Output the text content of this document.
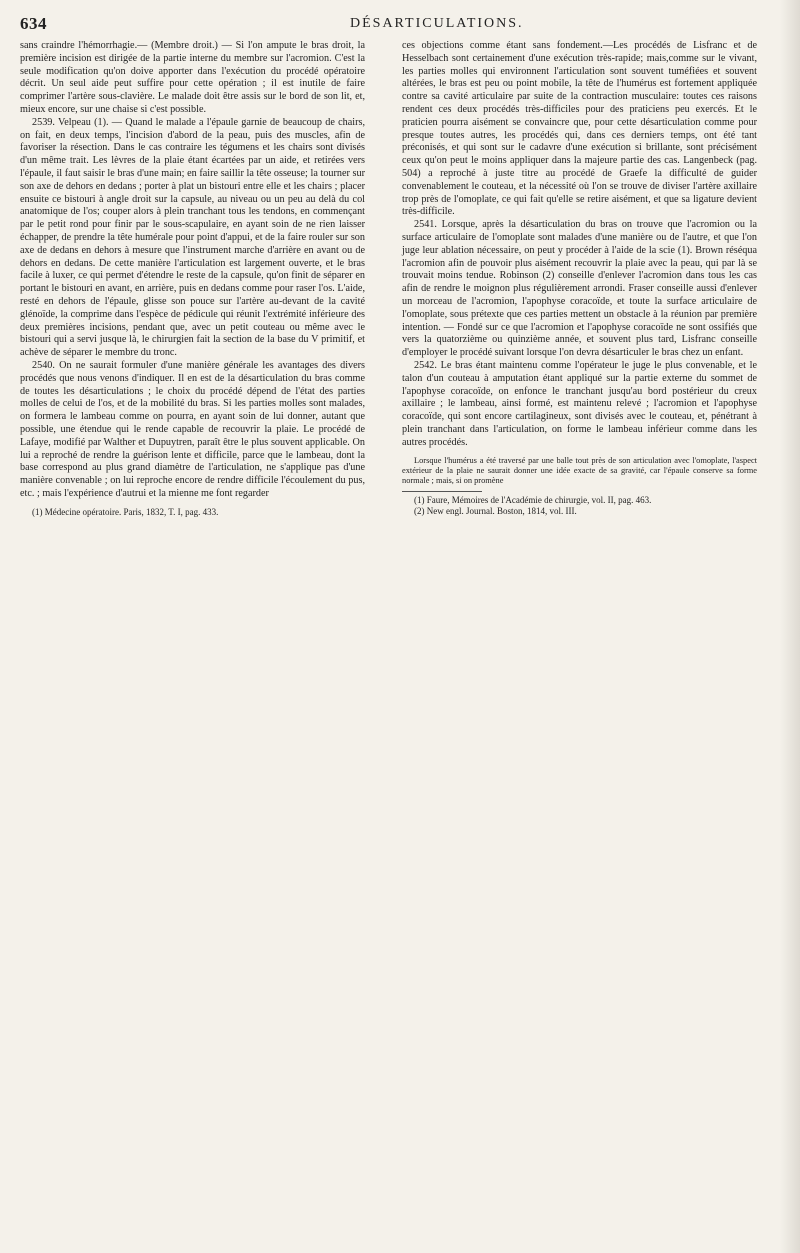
634	DÉSARTICULATIONS.

sans craindre l'hémorrhagie.— (Membre droit.) — Si l'on ampute le bras droit, la première incision est dirigée de la partie interne du membre sur l'acromion. C'est la seule modification qu'on doive apporter dans l'exécution du procédé opératoire décrit. Un seul aide peut suffire pour cette opération ; il est inutile de faire comprimer l'artère sous-clavière. Le malade doit être assis sur le bord de son lit, et, mieux encore, sur une chaise si c'est possible.

2539. Velpeau (1). — Quand le malade a l'épaule garnie de beaucoup de chairs, on fait, en deux temps, l'incision d'abord de la peau, puis des muscles, afin de favoriser la résection. Dans le cas contraire les tégumens et les chairs sont divisés d'un même trait. Les lèvres de la plaie étant écartées par un aide, et retirées vers l'épaule, il faut saisir le bras d'une main; en faire saillir la tête osseuse; la tourner sur son axe de dehors en dedans ; porter à plat un bistouri entre elle et les chairs ; placer ensuite ce bistouri à angle droit sur la capsule, au niveau ou un peu au delà du col anatomique de l'os; couper alors à plein tranchant tous les tendons, en commençant par le petit rond pour finir par le sous-scapulaire, en ayant soin de ne rien laisser échapper, de prendre la tête humérale pour point d'appui, et de la faire rouler sur son axe de dedans en dehors à mesure que l'instrument marche d'arrière en avant ou de dehors en dedans. De cette manière l'articulation est largement ouverte, et le bras facile à luxer, ce qui permet d'étendre le reste de la capsule, qu'on finit de séparer en portant le bistouri en avant, en arrière, puis en dedans comme pour raser l'os. L'aide, resté en dehors de l'épaule, glisse son pouce sur l'artère au-devant de la cavité glénoïde, la comprime dans l'espèce de pédicule qui réunit l'extrémité inférieure des deux premières incisions, pendant que, avec un petit couteau ou même avec le bistouri qui a servi jusque là, le chirurgien fait la section de la base du V primitif, et achève de séparer le membre du tronc.

2540. On ne saurait formuler d'une manière générale les avantages des divers procédés que nous venons d'indiquer. Il en est de la désarticulation du bras comme de toutes les désarticulations ; le choix du procédé dépend de l'état des parties molles de celui de l'os, et de la mobilité du bras. Si les parties molles sont malades, on formera le lambeau comme on pourra, en ayant soin de lui donner, autant que possible, une étendue qui le rende capable de recouvrir la plaie. Le procédé de Lafaye, modifié par Walther et Dupuytren, paraît être le plus souvent applicable. On lui a reproché de rendre la guérison lente et difficile, parce que le lambeau, dont la base correspond au plus grand diamètre de l'articulation, ne s'applique pas d'une manière convenable ; on lui reproche encore de rendre difficile l'écoulement du pus, etc. ; mais l'expérience d'autrui et la mienne me font regarder

(1) Médecine opératoire. Paris, 1832, T. I, pag. 433.

ces objections comme étant sans fondement.—Les procédés de Lisfranc et de Hesselbach sont certainement d'une exécution très-rapide; mais,comme sur le vivant, les parties molles qui environnent l'articulation sont souvent tuméfiées et souvent altérées, le bras est peu ou point mobile, la tête de l'humérus est fortement appliquée contre sa cavité articulaire par suite de la contraction musculaire: toutes ces raisons rendent ces deux procédés très-difficiles pour des praticiens peu exercés. Et le praticien pourra aisément se convaincre que, pour cette désarticulation comme pour presque toutes autres, les procédés qui, dans ces derniers temps, ont été tant préconisés, et qui sont sur le cadavre d'une exécution si brillante, sont précisément ceux qu'on peut le moins appliquer dans la majeure partie des cas. Langenbeck (pag. 504) a reproché à juste titre au procédé de Graefe la difficulté de guider convenablement le couteau, et la nécessité où l'on se trouve de diviser l'artère axillaire trop près de l'omoplate, ce qui fait qu'elle se retire aisément, et que sa ligature devient très-difficile.

2541. Lorsque, après la désarticulation du bras on trouve que l'acromion ou la surface articulaire de l'omoplate sont malades d'une manière ou de l'autre, et que l'on juge leur ablation nécessaire, on peut y procéder à l'aide de la scie (1). Brown réséqua l'acromion afin de pouvoir plus aisément recouvrir la plaie avec la peau, qui par là se trouvait moins tendue. Robinson (2) conseille d'enlever l'acromion dans tous les cas afin de rendre le moignon plus régulièrement arrondi. Fraser conseille aussi d'enlever un morceau de l'acromion, l'apophyse coracoïde, et toute la surface articulaire de l'omoplate, sous prétexte que ces parties mettent un obstacle à la réunion par première intention. — Fondé sur ce que l'acromion et l'apophyse coracoïde ne sont ossifiés que vers la quatorzième ou quinzième année, et souvent plus tard, Lisfranc conseille d'employer le procédé suivant lorsque l'on devra désarticuler le bras chez un enfant.

2542. Le bras étant maintenu comme l'opérateur le juge le plus convenable, et le talon d'un couteau à amputation étant appliqué sur la partie externe du sommet de l'apophyse coracoïde, on enfonce le tranchant jusqu'au bord postérieur du creux axillaire ; le lambeau, ainsi formé, est maintenu relevé ; l'acromion et l'apophyse coracoïde, qui sont encore cartilagineux, sont divisés avec le couteau, et, pénétrant à plein tranchant dans l'articulation, on forme le lambeau inférieur comme dans les autres procédés.

Lorsque l'humérus a été traversé par une balle tout près de son articulation avec l'omoplate, l'aspect extérieur de la plaie ne saurait donner une idée exacte de sa gravité, car l'épaule conserve sa forme normale ; mais, si on promène

(1) Faure, Mémoires de l'Académie de chirurgie, vol. II, pag. 463.

(2) New engl. Journal. Boston, 1814, vol. III.
